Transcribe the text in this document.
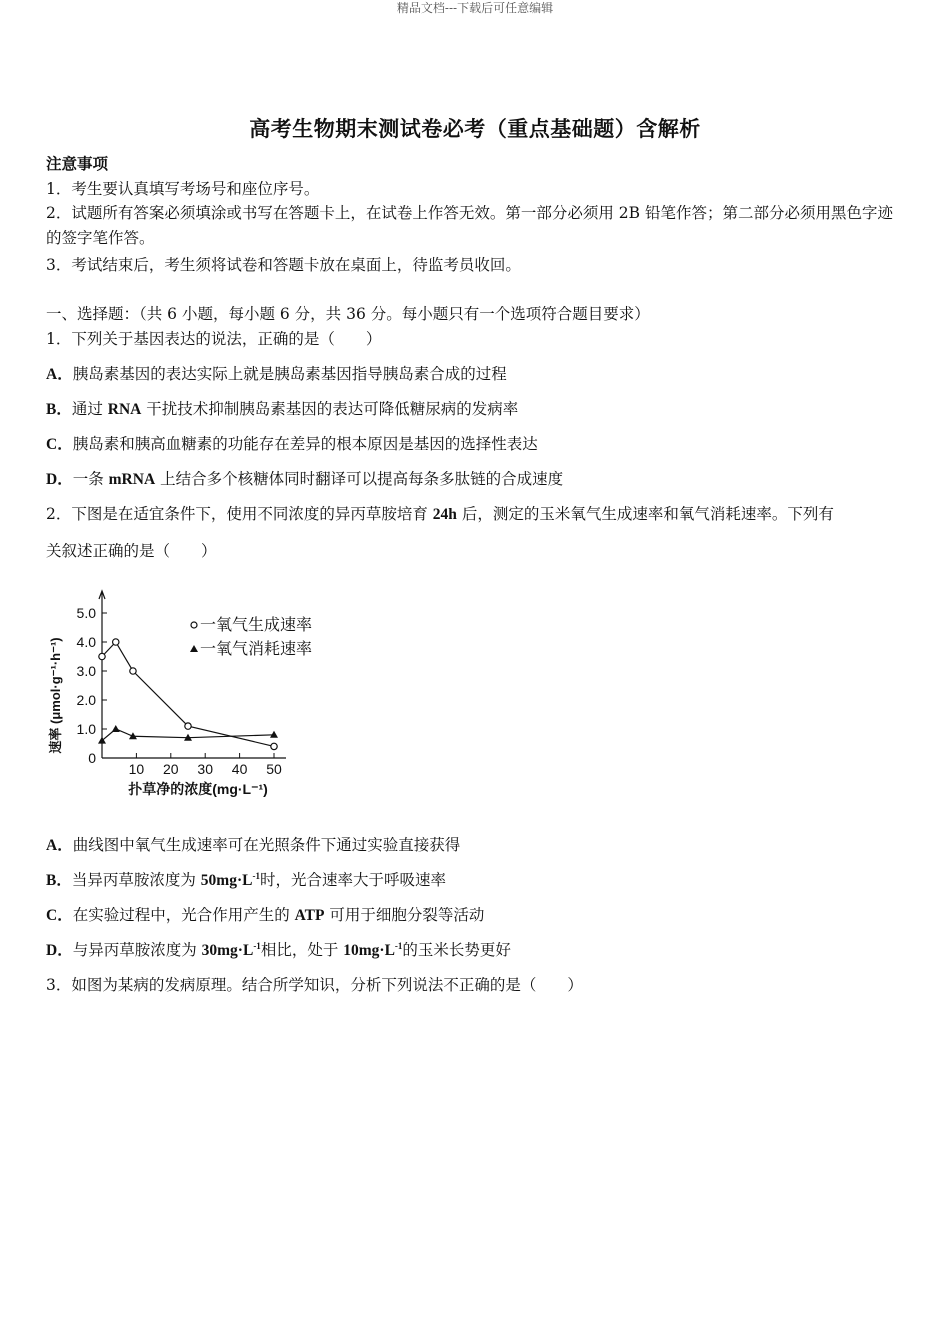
精品文档---下载后可任意编辑
高考生物期末测试卷必考（重点基础题）含解析
注意事项
1．考生要认真填写考场号和座位序号。
2．试题所有答案必须填涂或书写在答题卡上，在试卷上作答无效。第一部分必须用 2B 铅笔作答；第二部分必须用黑色字迹的签字笔作答。
3．考试结束后，考生须将试卷和答题卡放在桌面上，待监考员收回。
一、选择题：（共 6 小题，每小题 6 分，共 36 分。每小题只有一个选项符合题目要求）
1．下列关于基因表达的说法，正确的是（　　）
A．胰岛素基因的表达实际上就是胰岛素基因指导胰岛素合成的过程
B．通过 RNA 干扰技术抑制胰岛素基因的表达可降低糖尿病的发病率
C．胰岛素和胰高血糖素的功能存在差异的根本原因是基因的选择性表达
D．一条 mRNA 上结合多个核糖体同时翻译可以提高每条多肽链的合成速度
2．下图是在适宜条件下，使用不同浓度的异丙草胺培育 24h 后，测定的玉米氧气生成速率和氧气消耗速率。下列有
关叙述正确的是（　　）
0
1.0
2.0
3.0
4.0
5.0
10 20 30 40 50
扑草净的浓度(mg·L⁻¹)
速率 (μmol·g⁻¹·h⁻¹)
一氧气生成速率
一氧气消耗速率
A．曲线图中氧气生成速率可在光照条件下通过实验直接获得
B．当异丙草胺浓度为 $50mg\cdot L^{-1}$时，光合速率大于呼吸速率
C．在实验过程中，光合作用产生的 ATP 可用于细胞分裂等活动
D．与异丙草胺浓度为 $30mg\cdot L^{-1}$相比，处于 $10mg\cdot L^{-1}$的玉米长势更好
3．如图为某病的发病原理。结合所学知识，分析下列说法不正确的是（　　）
